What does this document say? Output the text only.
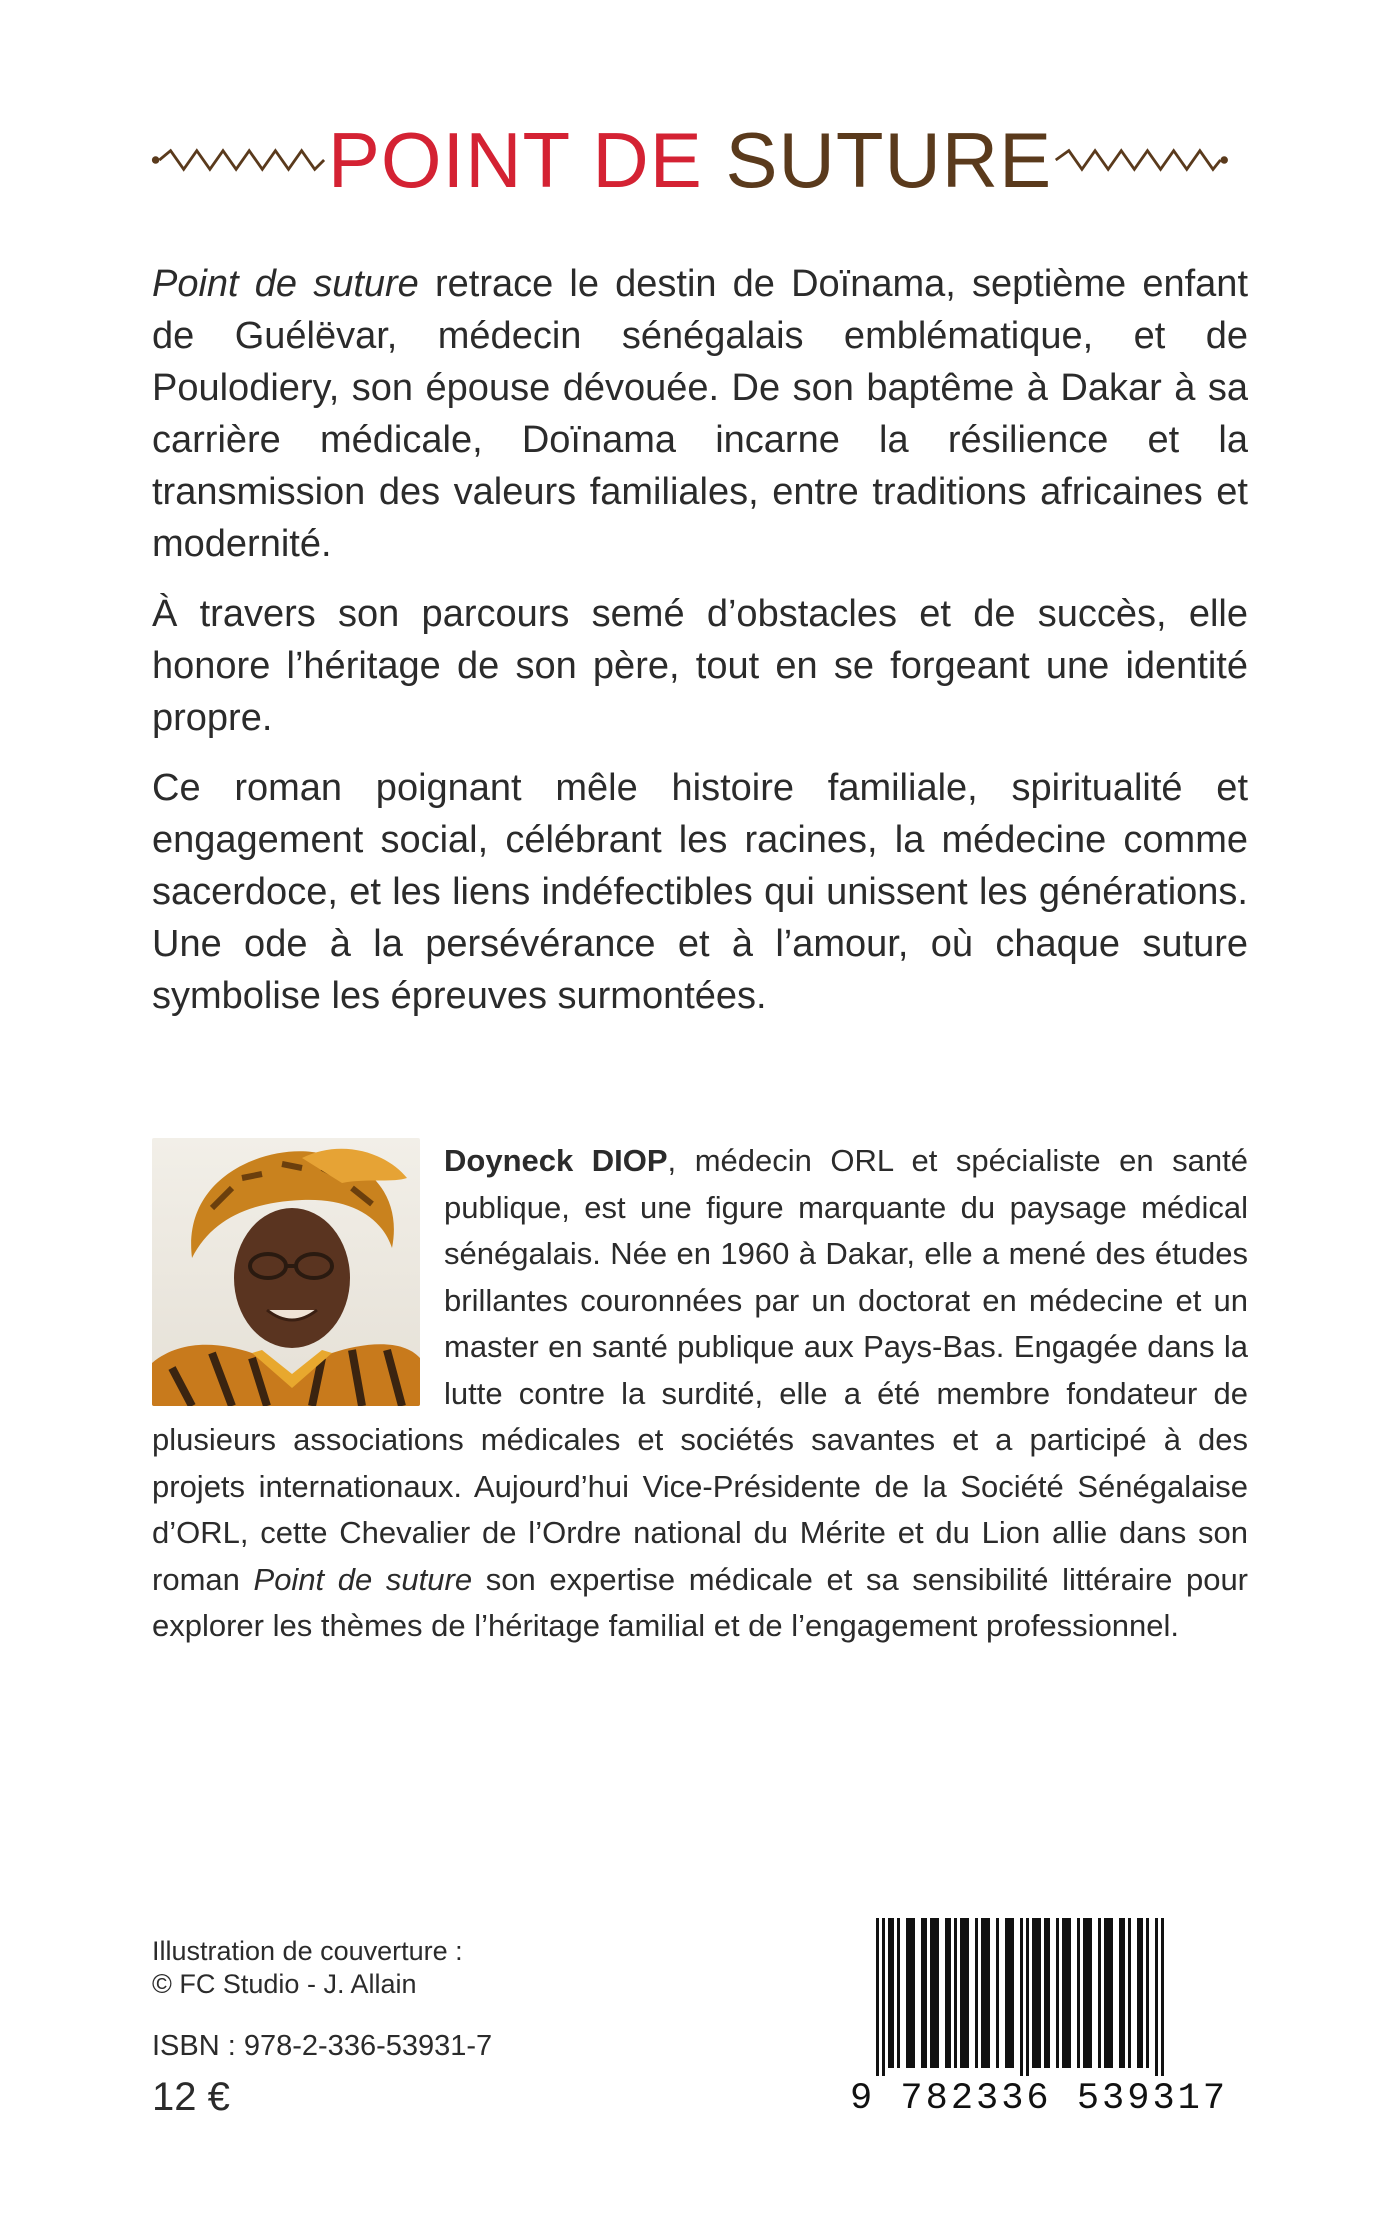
POINT DE SUTURE

Point de suture retrace le destin de Doïnama, septième enfant de Guélëvar, médecin sénégalais emblématique, et de Poulodiery, son épouse dévouée. De son baptême à Dakar à sa carrière médicale, Doïnama incarne la résilience et la transmission des valeurs familiales, entre traditions africaines et modernité.

À travers son parcours semé d’obstacles et de succès, elle honore l’héritage de son père, tout en se forgeant une identité propre.

Ce roman poignant mêle histoire familiale, spiritualité et engagement social, célébrant les racines, la médecine comme sacerdoce, et les liens indéfectibles qui unissent les générations. Une ode à la persévérance et à l’amour, où chaque suture symbolise les épreuves surmontées.

Doyneck DIOP, médecin ORL et spécialiste en santé publique, est une figure marquante du paysage médical sénégalais. Née en 1960 à Dakar, elle a mené des études brillantes couronnées par un doctorat en médecine et un master en santé publique aux Pays-Bas. Engagée dans la lutte contre la surdité, elle a été membre fondateur de plusieurs associations médicales et sociétés savantes et a participé à des projets internationaux. Aujourd’hui Vice-Présidente de la Société Sénégalaise d’ORL, cette Chevalier de l’Ordre national du Mérite et du Lion allie dans son roman Point de suture son expertise médicale et sa sensibilité littéraire pour explorer les thèmes de l’héritage familial et de l’engagement professionnel.
Illustration de couverture :
© FC Studio - J. Allain
ISBN : 978-2-336-53931-7
12 €	9 782336 539317
